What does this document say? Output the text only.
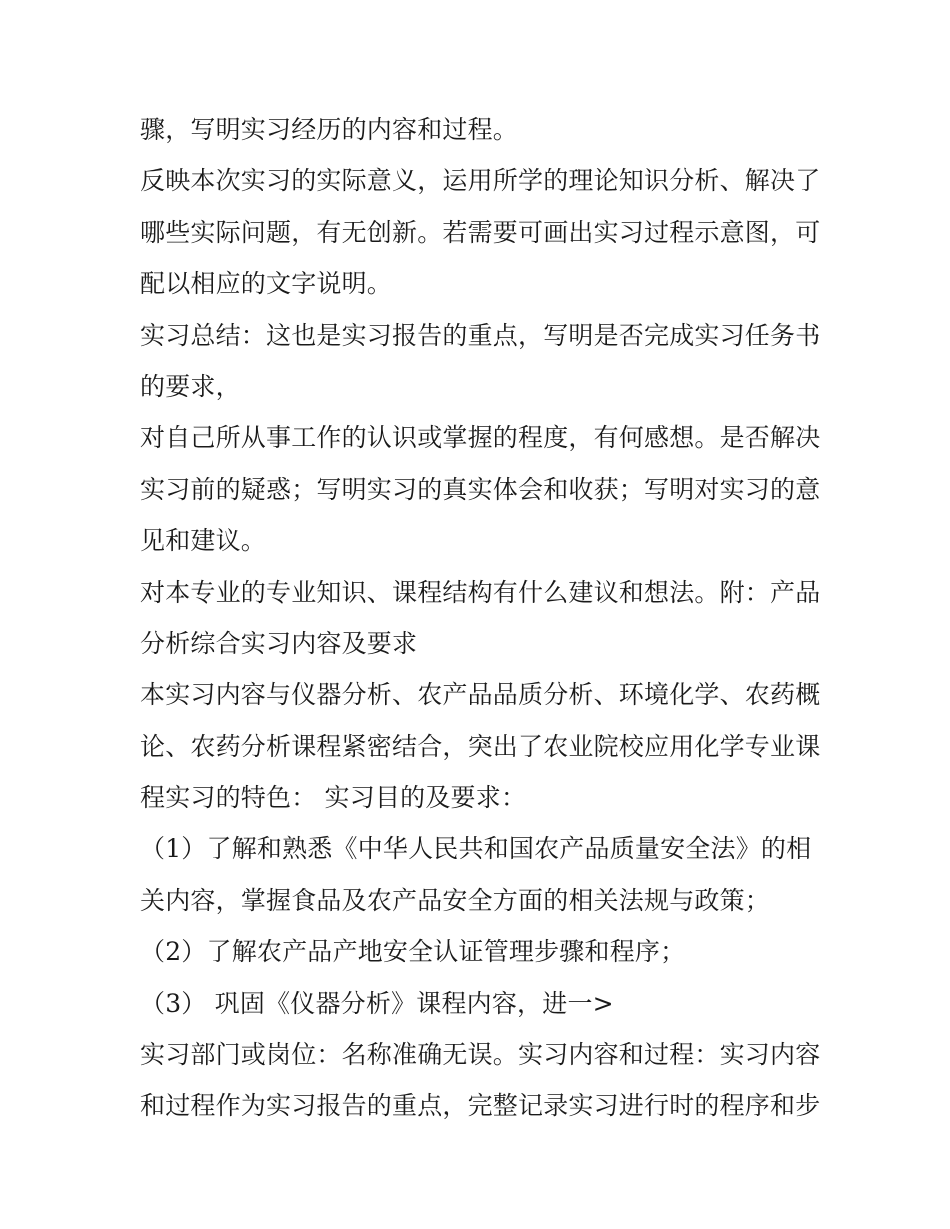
骤，写明实习经历的内容和过程。
反映本次实习的实际意义，运用所学的理论知识分析、解决了
哪些实际问题，有无创新。若需要可画出实习过程示意图，可
配以相应的文字说明。
实习总结：这也是实习报告的重点，写明是否完成实习任务书
的要求，
对自己所从事工作的认识或掌握的程度，有何感想。是否解决
实习前的疑惑；写明实习的真实体会和收获；写明对实习的意
见和建议。
对本专业的专业知识、课程结构有什么建议和想法。附：产品
分析综合实习内容及要求
本实习内容与仪器分析、农产品品质分析、环境化学、农药概
论、农药分析课程紧密结合，突出了农业院校应用化学专业课
程实习的特色： 实习目的及要求：
（1）了解和熟悉《中华人民共和国农产品质量安全法》的相
关内容，掌握食品及农产品安全方面的相关法规与政策；
（2）了解农产品产地安全认证管理步骤和程序；
（3） 巩固《仪器分析》课程内容，进一>
实习部门或岗位：名称准确无误。实习内容和过程：实习内容
和过程作为实习报告的重点，完整记录实习进行时的程序和步
